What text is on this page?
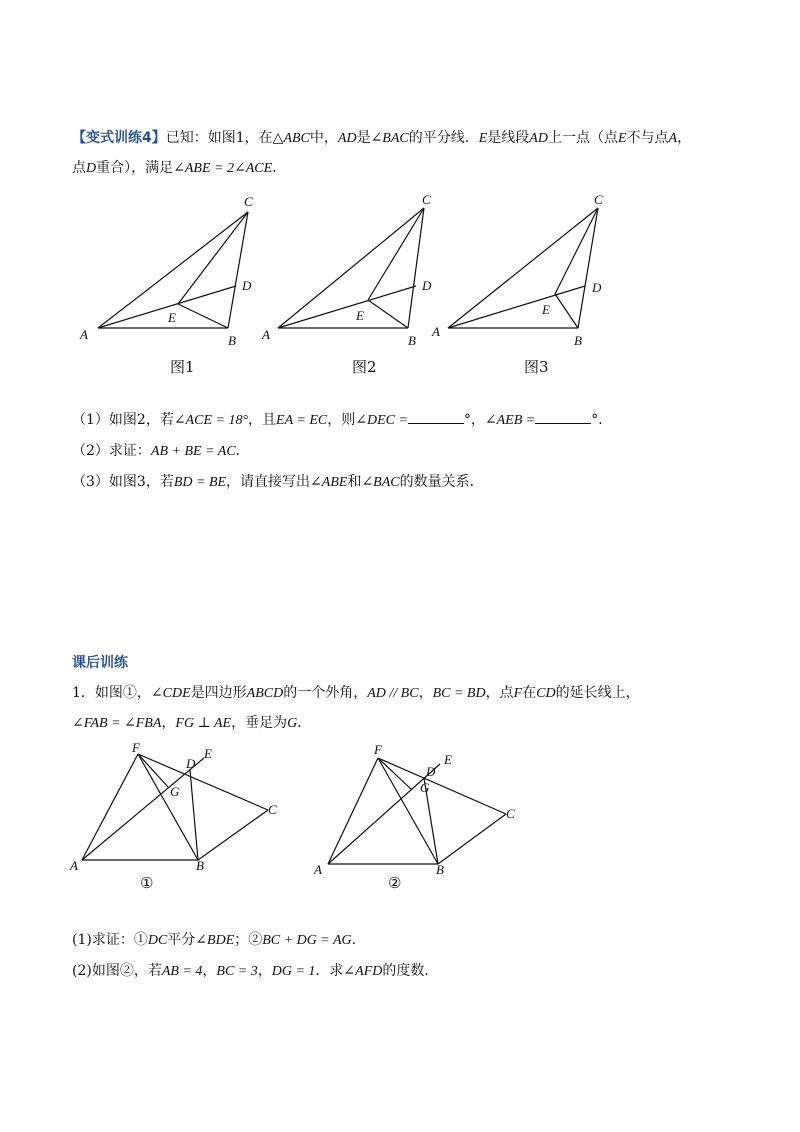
【变式训练4】已知：如图1，在△ABC中，AD是∠BAC的平分线．E是线段AD上一点（点E不与点A，
点D重合），满足∠ABE = 2∠ACE．
A	B
C
D
E
图1
A	B
C
D
E
图2
A
B
C
D
E
图3
（1）如图2，若∠ACE = 18°，且EA = EC，则∠DEC =	°，∠AEB =	°．
（2）求证：AB + BE = AC．
（3）如图3，若BD = BE，请直接写出∠ABE和∠BAC的数量关系．
课后训练
1．如图①，∠CDE是四边形ABCD的一个外角，AD // BC，BC = BD，点F在CD的延长线上，
∠FAB = ∠FBA，FG ⊥ AE，垂足为G．
A	B
C
D
E
F
G
①
A	B
C
D
E
F
G
②
(1)求证：①DC平分∠BDE；②BC + DG = AG．
(2)如图②，若AB = 4，BC = 3，DG = 1．求∠AFD的度数．
